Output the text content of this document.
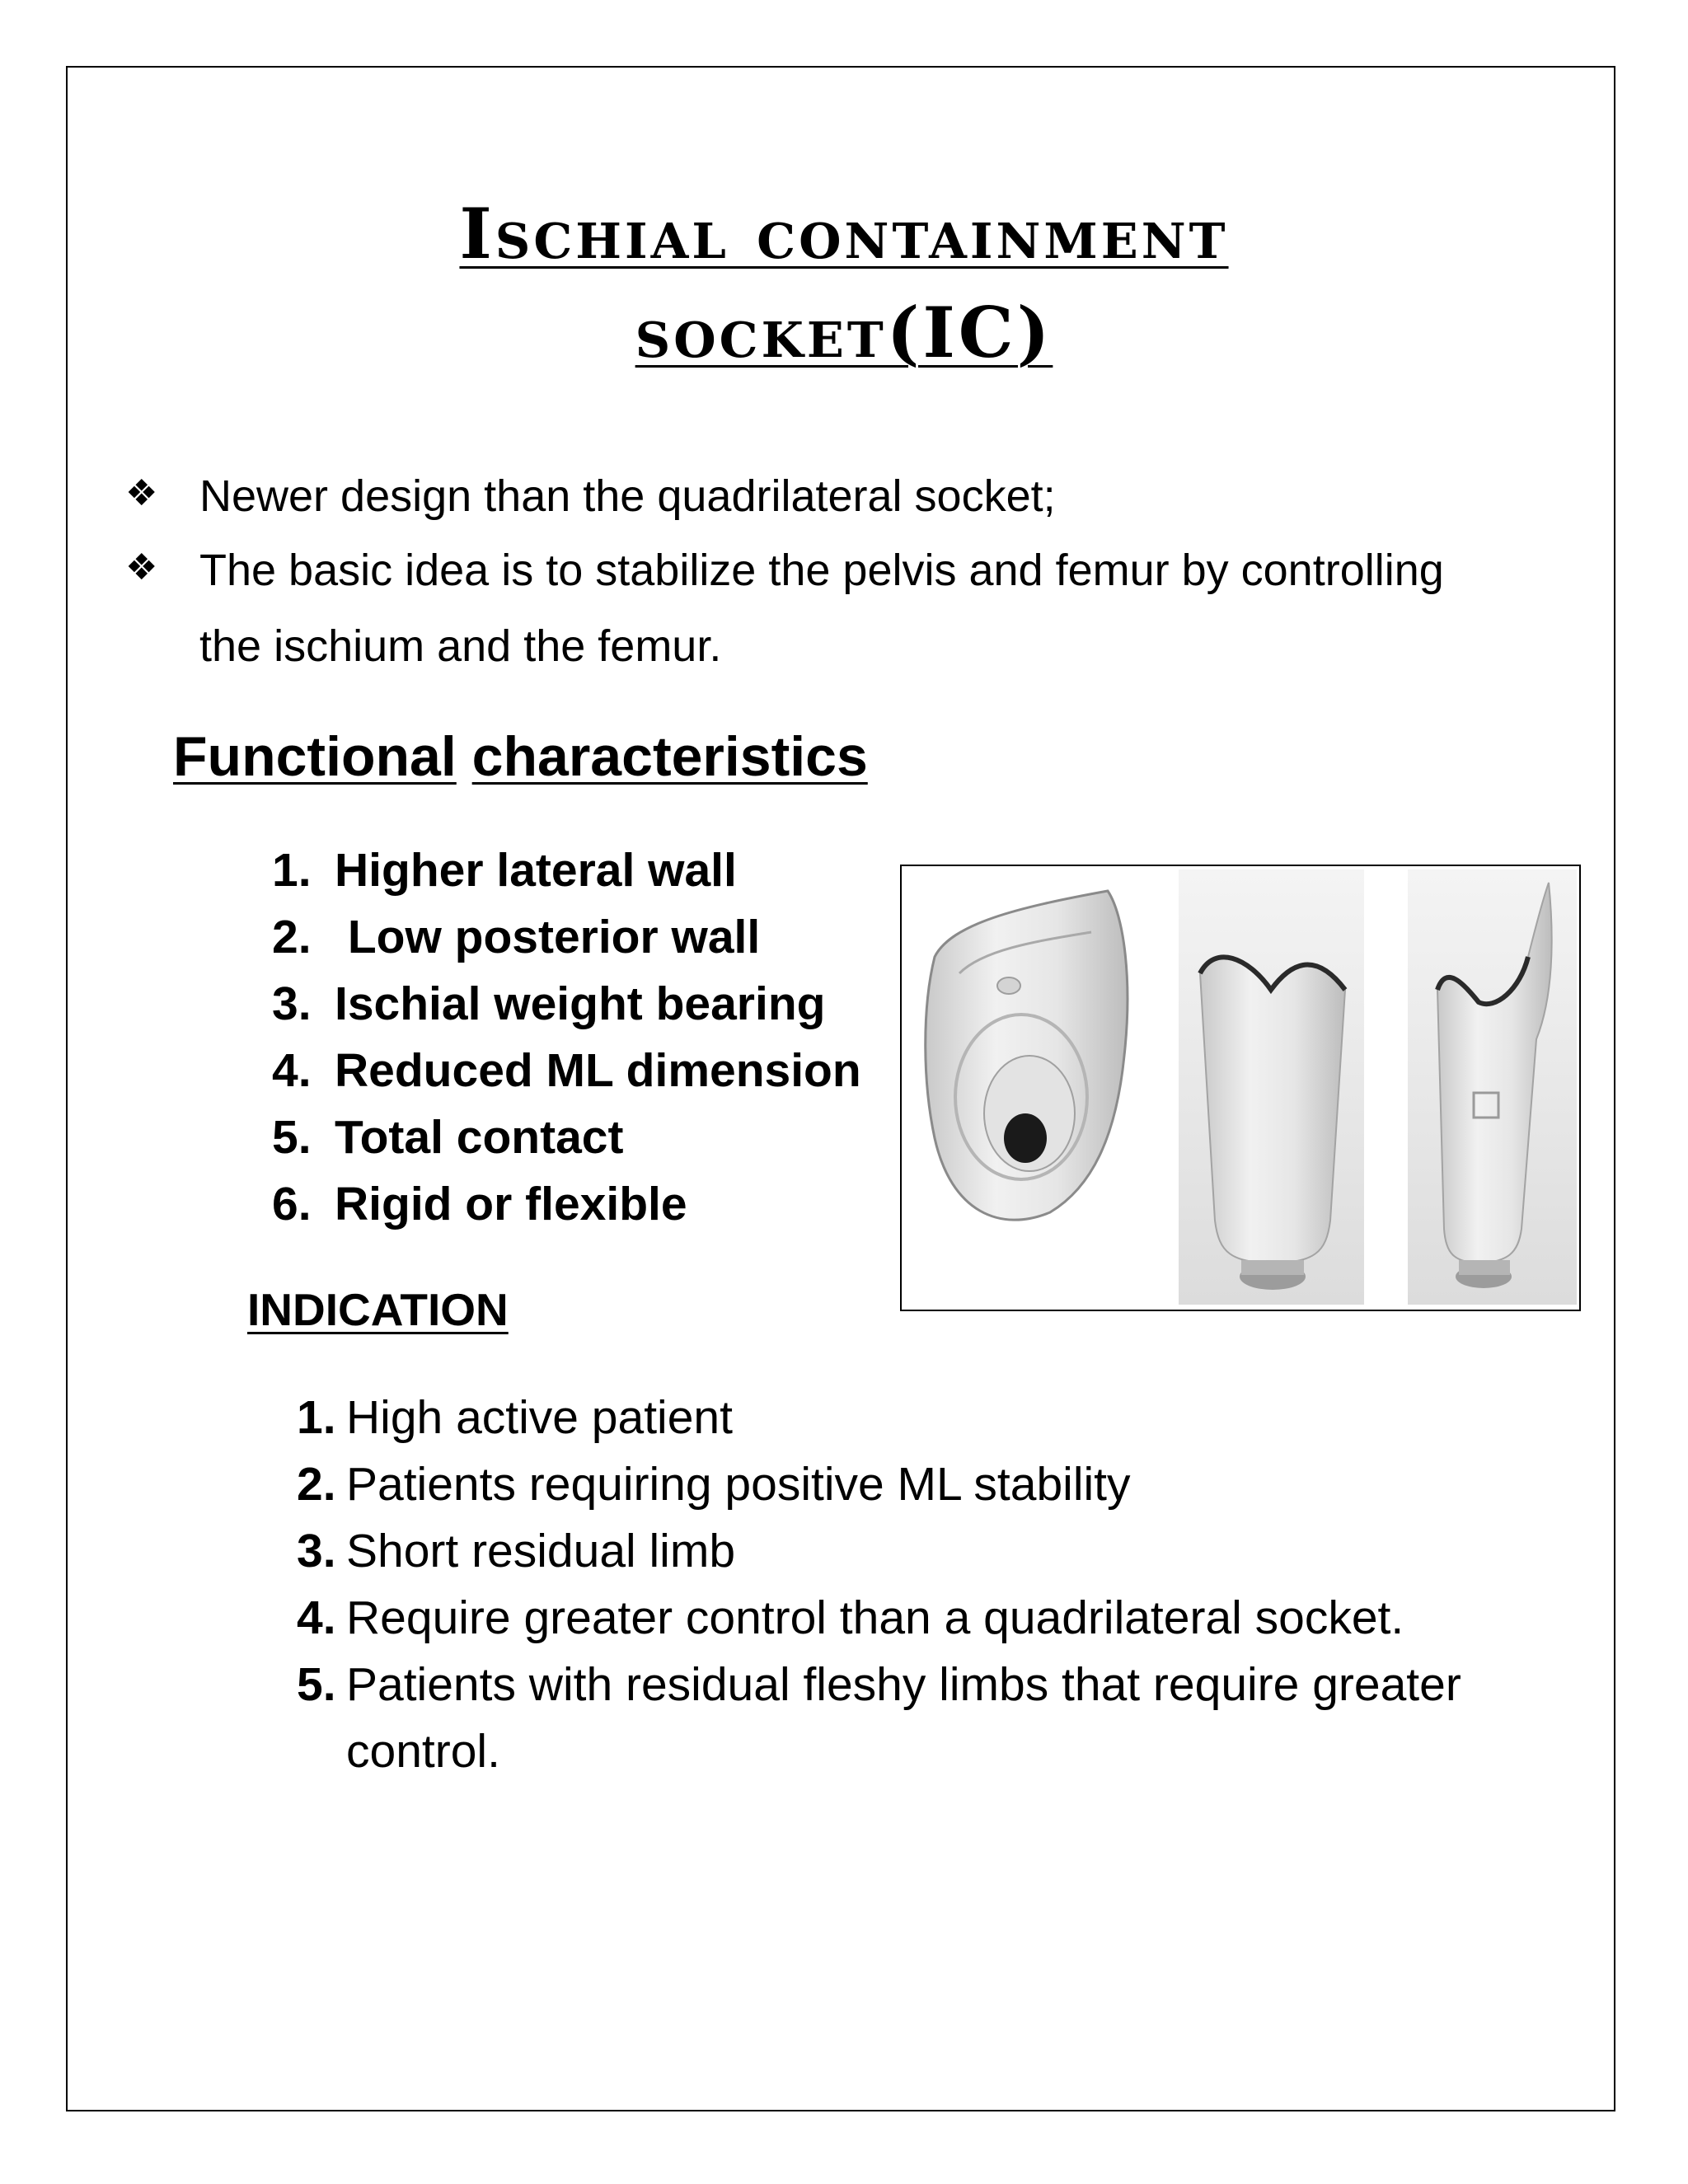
Ischial containment
socket(IC)
❖ Newer design than the quadrilateral socket;
❖ The basic idea is to stabilize the pelvis and femur by controlling
the ischium and the femur.
Functional characteristics
1. Higher lateral wall
2. Low posterior wall
3. Ischial weight bearing
4. Reduced ML dimension
5. Total contact
6. Rigid or flexible
INDICATION
1. High active patient
2. Patients requiring positive ML stability
3. Short residual limb
4. Require greater control than a quadrilateral socket.
5. Patients with residual fleshy limbs that require greater
control.
